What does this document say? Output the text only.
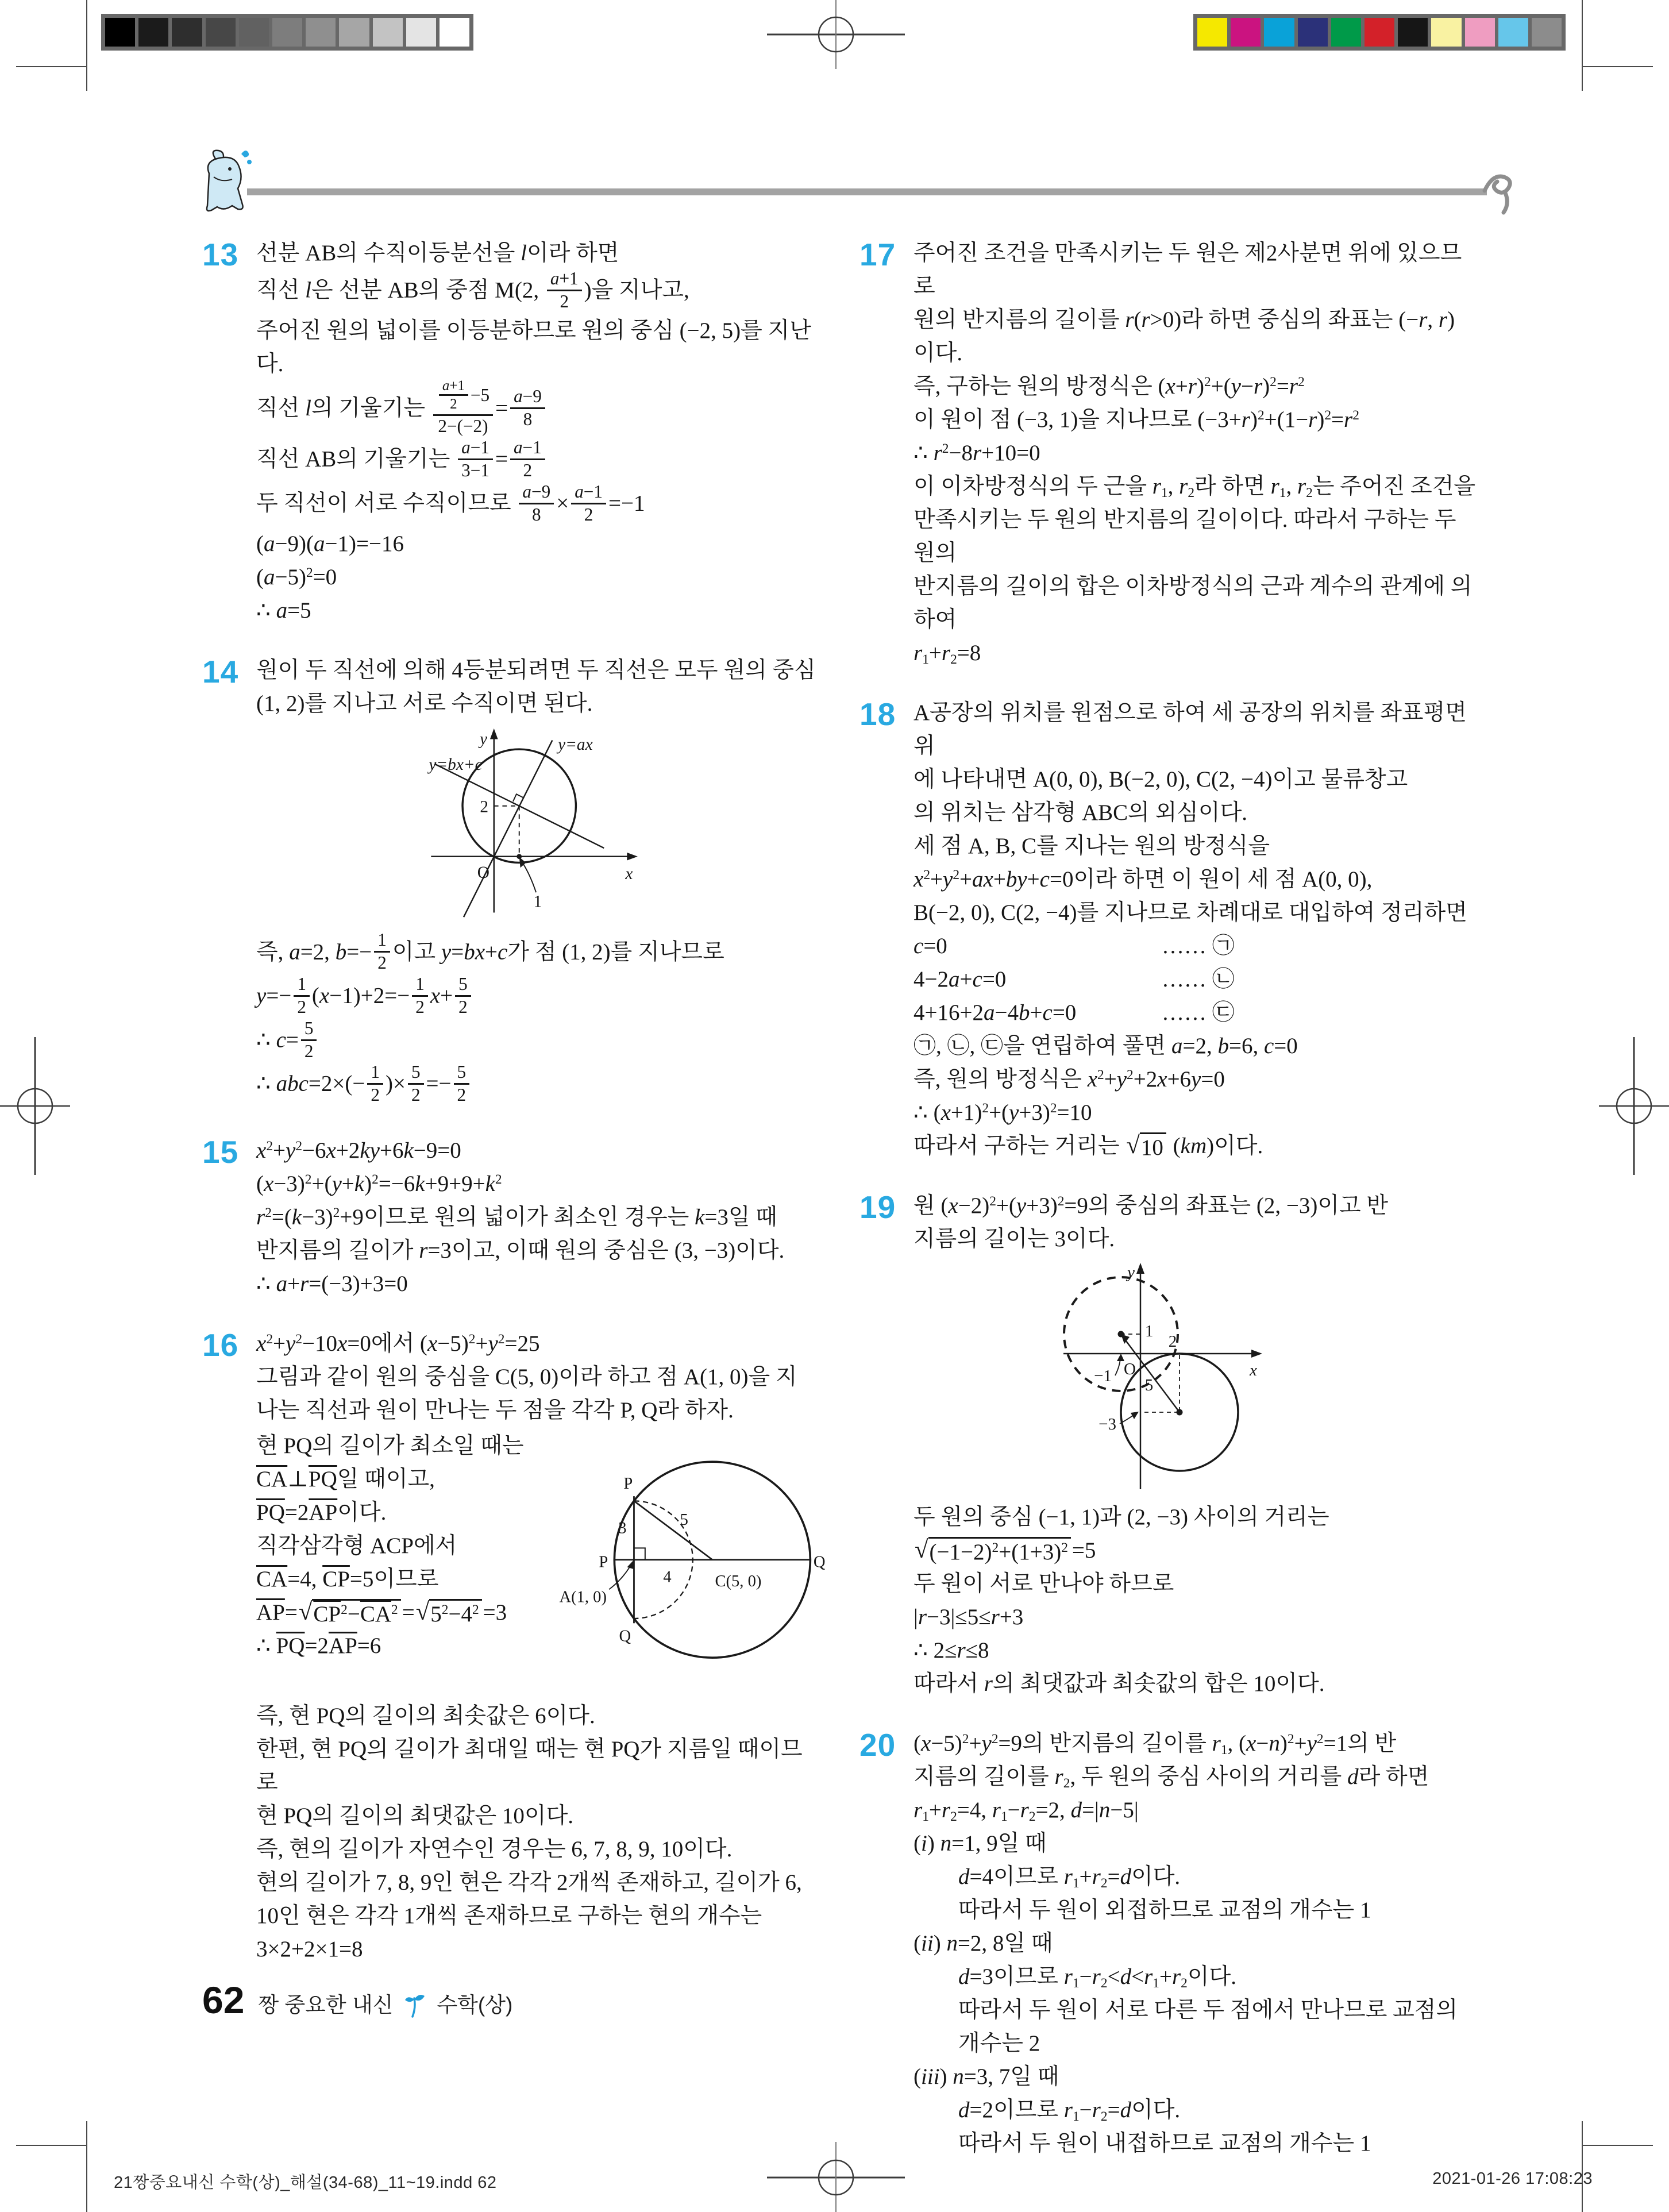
13 선분 AB의 수직이등분선을 l이라 하면
직선 l은 선분 AB의 중점 M(2, $\frac{a+1}{2}$ )을 지나고,
주어진 원의 넓이를 이등분하므로 원의 중심 (−2, 5)를 지난다.
직선 l의 기울기는 $\frac{\frac{a+1}{2} -5}{2-(-2)} = \frac{a-9}{8}$
직선 AB의 기울기는 $\frac{a-1}{3-1} = \frac{a-1}{2}$
두 직선이 서로 수직이므로 $\frac{a-9}{8} \times \frac{a-1}{2} =-1$
(a−9)(a−1)=−16
$(a-5)^2=0$
∴ a=5
14 원이 두 직선에 의해 4등분되려면 두 직선은 모두 원의 중심
(1, 2)를 지나고 서로 수직이면 된다.
y
x
O
2
1
y=ax
y=bx+c
즉, a=2, $b=- \frac{1}{2}$ 이고 y=bx+c가 점 (1, 2)를 지나므로
$y=- \frac{1}{2} (x-1)+2=- \frac{1}{2} x+ \frac{5}{2}$
∴ $c= \frac{5}{2}$
∴ $abc=2\times(- \frac{1}{2}$ )× $\frac{5}{2} =- \frac{5}{2}$
15 $x^2+y^2-6x+2ky+6k-9=0$
$(x-3)^2+(y+k)^2=-6k+9+9+k^2$
$r^2=(k-3)^2+9$이므로 원의 넓이가 최소인 경우는 k=3일 때
반지름의 길이가 r=3이고, 이때 원의 중심은 (3, −3)이다.
∴ a+r=(−3)+3=0
16 $x^2+y^2-10x=0$에서 $(x-5)^2+y^2=25$
그림과 같이 원의 중심을 C(5, 0)이라 하고 점 A(1, 0)을 지
나는 직선과 원이 만나는 두 점을 각각 P, Q라 하자.
현 PQ의 길이가 최소일 때는
$\overline{CA}\perp\overline{PQ}$일 때이고,
$\overline{PQ}=2\overline{AP}$이다.
직각삼각형 ACP에서
$\overline{CA}=4$, $\overline{CP}=5$이므로
$\overline{AP}=$ √ $CP^2-\overline{CA}^2$ = √ $5^2-4^2 =3$
∴ $\overline{PQ}=2\overline{AP}=6$
P
3
P	Q
Q
5
4 C(5, 0)
A(1, 0)
즉, 현 PQ의 길이의 최솟값은 6이다.
한편, 현 PQ의 길이가 최대일 때는 현 PQ가 지름일 때이므로
현 PQ의 길이의 최댓값은 10이다.
즉, 현의 길이가 자연수인 경우는 6, 7, 8, 9, 10이다.
현의 길이가 7, 8, 9인 현은 각각 2개씩 존재하고, 길이가 6,
10인 현은 각각 1개씩 존재하므로 구하는 현의 개수는
3×2+2×1=8
17 주어진 조건을 만족시키는 두 원은 제2사분면 위에 있으므로
원의 반지름의 길이를 r(r>0)라 하면 중심의 좌표는 (−r, r)
이다.
즉, 구하는 원의 방정식은 $(x+r)^2+(y-r)^2=r^2$
이 원이 점 (−3, 1)을 지나므로 $(-3+r)^2+(1-r)^2=r^2$
∴ $r^2-8r+10=0$
이 이차방정식의 두 근을 $r_1$, $r_2$라 하면 $r_1$, $r_2$는 주어진 조건을
만족시키는 두 원의 반지름의 길이이다. 따라서 구하는 두 원의
반지름의 길이의 합은 이차방정식의 근과 계수의 관계에 의하여
$r_1+r_2=8$
18 A공장의 위치를 원점으로 하여 세 공장의 위치를 좌표평면 위
에 나타내면 A(0, 0), B(−2, 0), C(2, −4)이고 물류창고
의 위치는 삼각형 ABC의 외심이다.
세 점 A, B, C를 지나는 원의 방정식을
$x^2+y^2+ax+by+c=0$이라 하면 이 원이 세 점 A(0, 0),
B(−2, 0), C(2, −4)를 지나므로 차례대로 대입하여 정리하면
c=0	…… ㉠
4−2a+c=0	…… ㉡
4+16+2a−4b+c=0	…… ㉢
㉠, ㉡, ㉢을 연립하여 풀면 a=2, b=6, c=0
즉, 원의 방정식은 $x^2+y^2+2x+6y=0$
∴ $(x+1)^2+(y+3)^2=10$
따라서 구하는 거리는 √ 10 (km)이다.
19 원 $(x-2)^2+(y+3)^2=9$의 중심의 좌표는 (2, −3)이고 반
지름의 길이는 3이다.
y
x
O
1
2
−1 5
−3
두 원의 중심 (−1, 1)과 (2, −3) 사이의 거리는
√ $(-1-2)^2+(1+3)^2 =5$
두 원이 서로 만나야 하므로
|r−3|≤5≤r+3
∴ 2≤r≤8
따라서 r의 최댓값과 최솟값의 합은 10이다.
20 $(x-5)^2+y^2=9$의 반지름의 길이를 $r_1$, $(x-n)^2+y^2=1$의 반
지름의 길이를 $r_2$, 두 원의 중심 사이의 거리를 d라 하면
$r_1+r_2=4$, $r_1-r_2=2$, d=|n−5|
(i) n=1, 9일 때
d=4이므로 $r_1+r_2=d$이다.
따라서 두 원이 외접하므로 교점의 개수는 1
(ii) n=2, 8일 때
d=3이므로 $r_1-r_2<d<r_1+r_2$이다.
따라서 두 원이 서로 다른 두 점에서 만나므로 교점의 개수는 2
(iii) n=3, 7일 때
d=2이므로 $r_1-r_2=d$이다.
따라서 두 원이 내접하므로 교점의 개수는 1
62 짱 중요한 내신 수학(상)
21짱중요내신 수학(상)_해설(34-68)_11~19.indd 62	2021-01-26 17:08:23
